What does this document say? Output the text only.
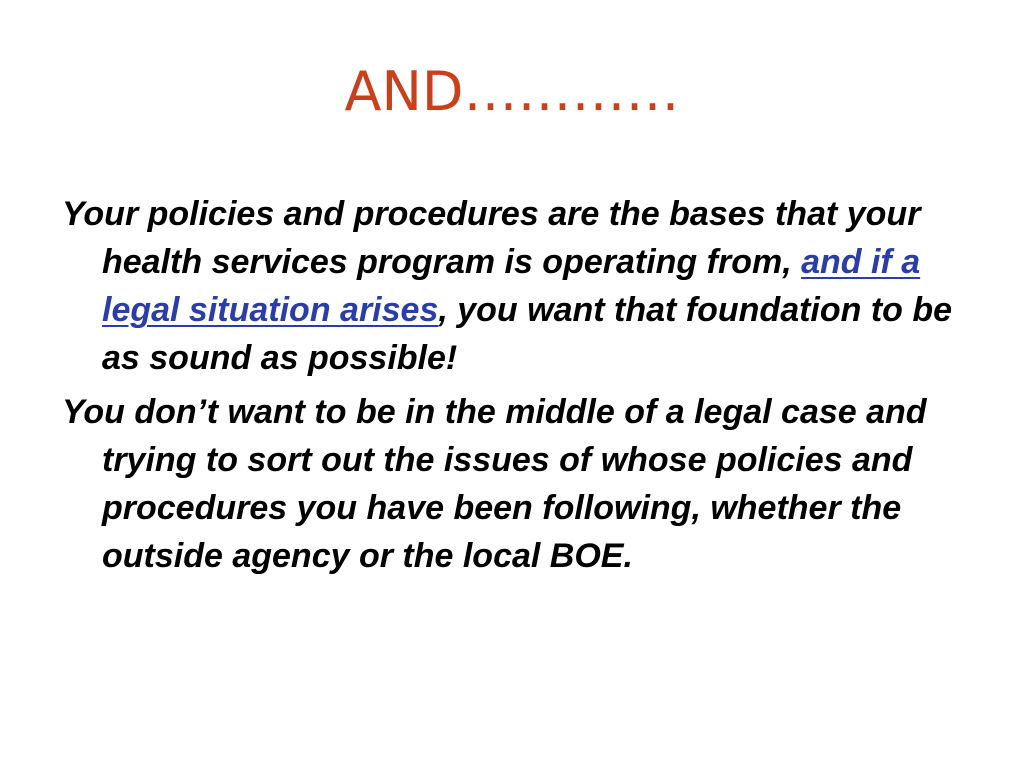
AND…………

Your policies and procedures are the bases that your health services program is operating from, and if a legal situation arises, you want that foundation to be as sound as possible!

You don’t want to be in the middle of a legal case and trying to sort out the issues of whose policies and procedures you have been following, whether the outside agency or the local BOE.
